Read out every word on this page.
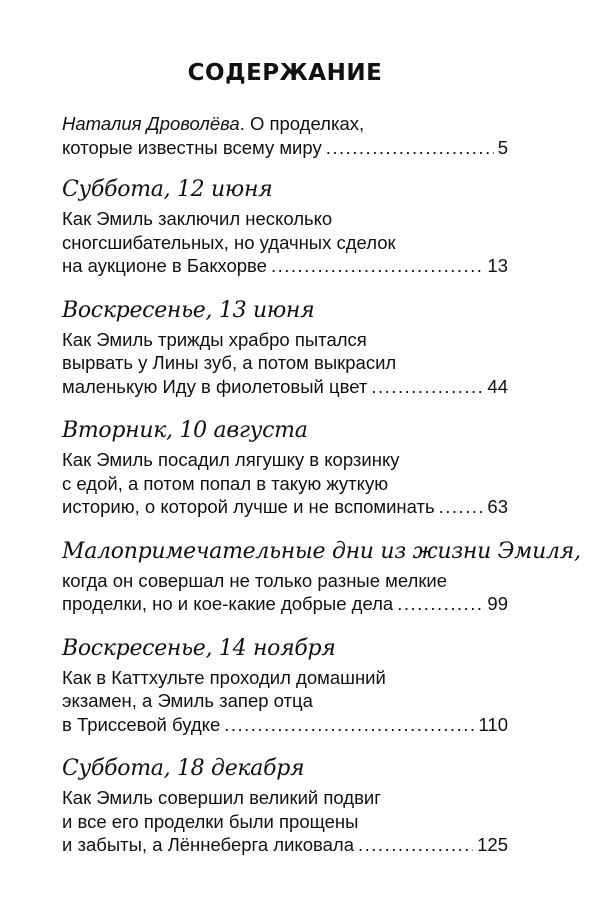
СОДЕРЖАНИЕ
Наталия Дроволёва. О проделках,
которые известны всему миру .....	5
Суббота, 12 июня
Как Эмиль заключил несколько
сногсшибательных, но удачных сделок
на аукционе в Бакхорве .....	13
Воскресенье, 13 июня
Как Эмиль трижды храбро пытался
вырвать у Лины зуб, а потом выкрасил
маленькую Иду в фиолетовый цвет .....	44
Вторник, 10 августа
Как Эмиль посадил лягушку в корзинку
с едой, а потом попал в такую жуткую
историю, о которой лучше и не вспоминать .....	63
Малопримечательные дни из жизни Эмиля,
когда он совершал не только разные мелкие
проделки, но и кое-какие добрые дела .....	99
Воскресенье, 14 ноября
Как в Каттхульте проходил домашний
экзамен, а Эмиль запер отца
в Триссевой будке .....	110
Суббота, 18 декабря
Как Эмиль совершил великий подвиг
и все его проделки были прощены
и забыты, а Лённеберга ликовала .....	125
